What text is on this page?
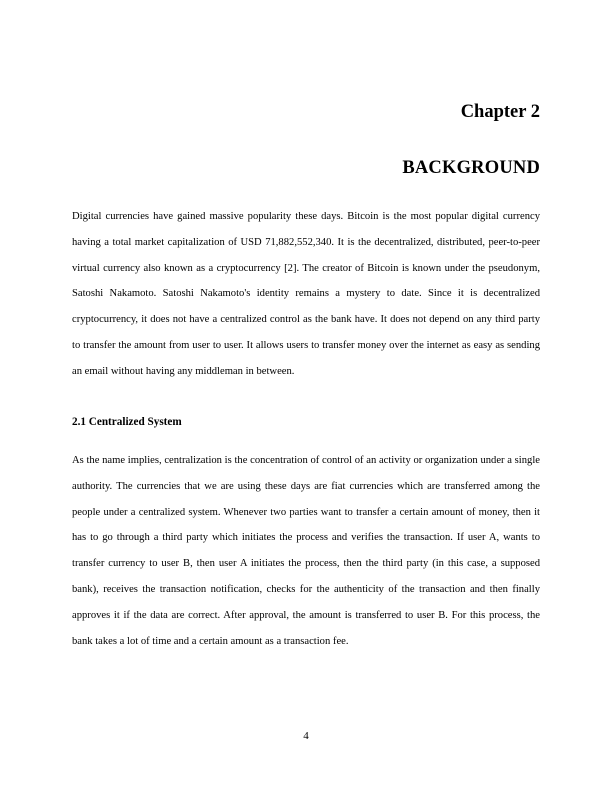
Chapter 2
BACKGROUND

Digital currencies have gained massive popularity these days. Bitcoin is the most popular digital currency having a total market capitalization of USD 71,882,552,340. It is the decentralized, distributed, peer-to-peer virtual currency also known as a cryptocurrency [2]. The creator of Bitcoin is known under the pseudonym, Satoshi Nakamoto. Satoshi Nakamoto's identity remains a mystery to date. Since it is decentralized cryptocurrency, it does not have a centralized control as the bank have. It does not depend on any third party to transfer the amount from user to user. It allows users to transfer money over the internet as easy as sending an email without having any middleman in between.

2.1 Centralized System

As the name implies, centralization is the concentration of control of an activity or organization under a single authority. The currencies that we are using these days are fiat currencies which are transferred among the people under a centralized system. Whenever two parties want to transfer a certain amount of money, then it has to go through a third party which initiates the process and verifies the transaction. If user A, wants to transfer currency to user B, then user A initiates the process, then the third party (in this case, a supposed bank), receives the transaction notification, checks for the authenticity of the transaction and then finally approves it if the data are correct. After approval, the amount is transferred to user B. For this process, the bank takes a lot of time and a certain amount as a transaction fee.

4
